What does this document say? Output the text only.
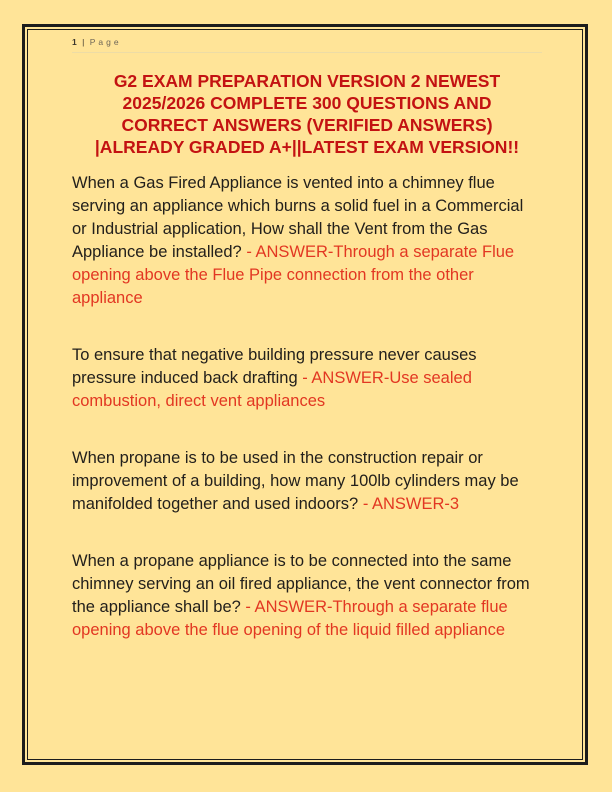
1 | Page
G2 EXAM PREPARATION VERSION 2 NEWEST
2025/2026 COMPLETE 300 QUESTIONS AND
CORRECT ANSWERS (VERIFIED ANSWERS)
|ALREADY GRADED A+||LATEST EXAM VERSION!!

When a Gas Fired Appliance is vented into a chimney flue serving an appliance which burns a solid fuel in a Commercial or Industrial application, How shall the Vent from the Gas Appliance be installed? - ANSWER-Through a separate Flue opening above the Flue Pipe connection from the other appliance

To ensure that negative building pressure never causes pressure induced back drafting - ANSWER-Use sealed combustion, direct vent appliances

When propane is to be used in the construction repair or improvement of a building, how many 100lb cylinders may be manifolded together and used indoors? - ANSWER-3

When a propane appliance is to be connected into the same chimney serving an oil fired appliance, the vent connector from the appliance shall be? - ANSWER-Through a separate flue opening above the flue opening of the liquid filled appliance
